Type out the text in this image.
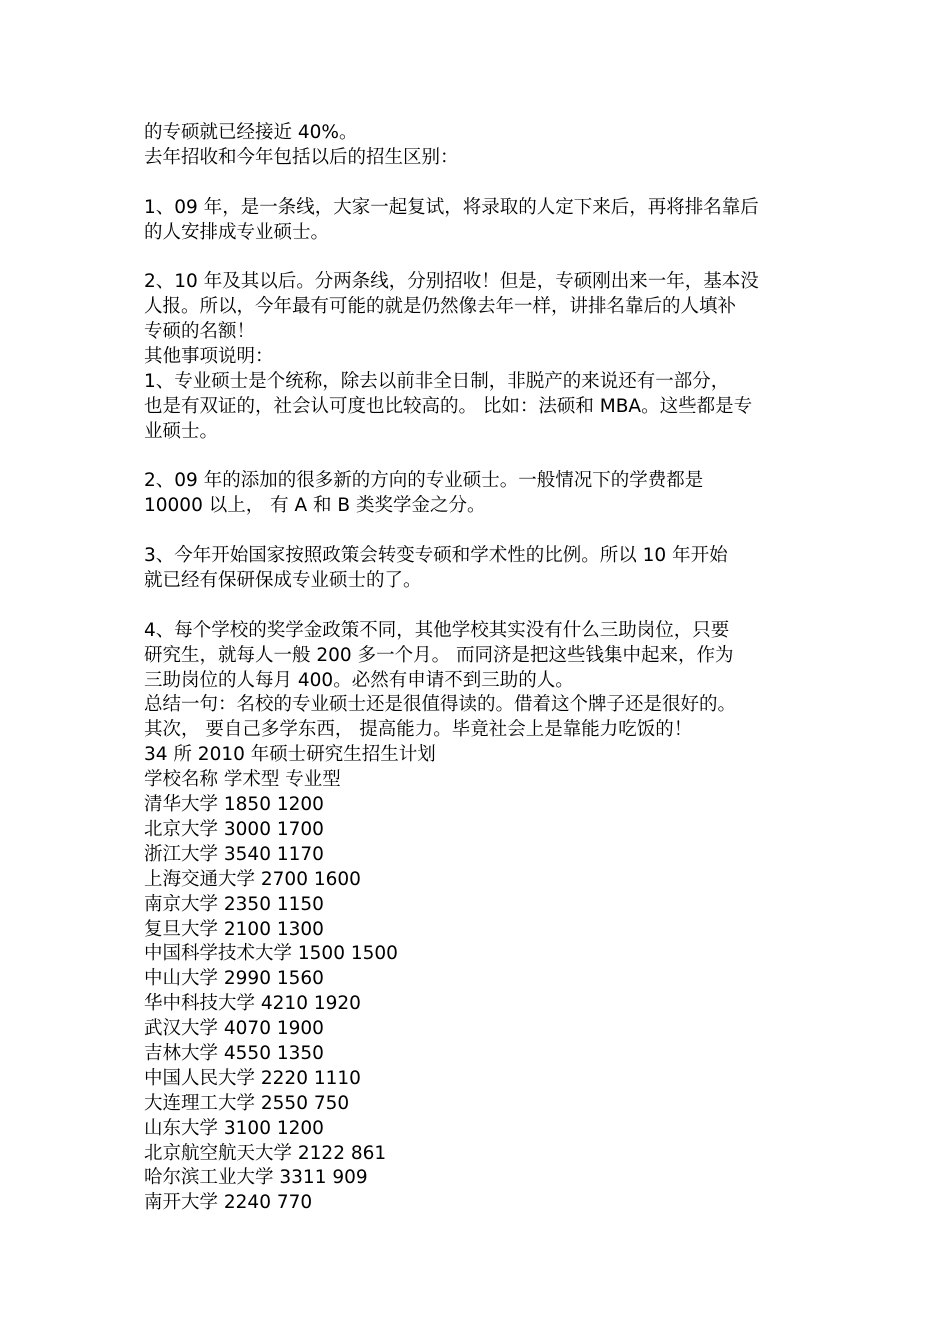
的专硕就已经接近 40%。
去年招收和今年包括以后的招生区别：
1、09 年，是一条线，大家一起复试，将录取的人定下来后，再将排名靠后
的人安排成专业硕士。
2、10 年及其以后。分两条线，分别招收！但是，专硕刚出来一年，基本没
人报。所以，今年最有可能的就是仍然像去年一样，讲排名靠后的人填补
专硕的名额！
其他事项说明：
1、专业硕士是个统称，除去以前非全日制，非脱产的来说还有一部分，
也是有双证的，社会认可度也比较高的。 比如：法硕和 MBA。这些都是专
业硕士。
2、09 年的添加的很多新的方向的专业硕士。一般情况下的学费都是
10000 以上， 有 A 和 B 类奖学金之分。
3、今年开始国家按照政策会转变专硕和学术性的比例。所以 10 年开始
就已经有保研保成专业硕士的了。
4、每个学校的奖学金政策不同，其他学校其实没有什么三助岗位，只要
研究生，就每人一般 200 多一个月。 而同济是把这些钱集中起来，作为
三助岗位的人每月 400。必然有申请不到三助的人。
总结一句：名校的专业硕士还是很值得读的。借着这个牌子还是很好的。
其次， 要自己多学东西， 提高能力。毕竟社会上是靠能力吃饭的！
34 所 2010 年硕士研究生招生计划
学校名称 学术型 专业型
清华大学 1850 1200
北京大学 3000 1700
浙江大学 3540 1170
上海交通大学 2700 1600
南京大学 2350 1150
复旦大学 2100 1300
中国科学技术大学 1500 1500
中山大学 2990 1560
华中科技大学 4210 1920
武汉大学 4070 1900
吉林大学 4550 1350
中国人民大学 2220 1110
大连理工大学 2550 750
山东大学 3100 1200
北京航空航天大学 2122 861
哈尔滨工业大学 3311 909
南开大学 2240 770
